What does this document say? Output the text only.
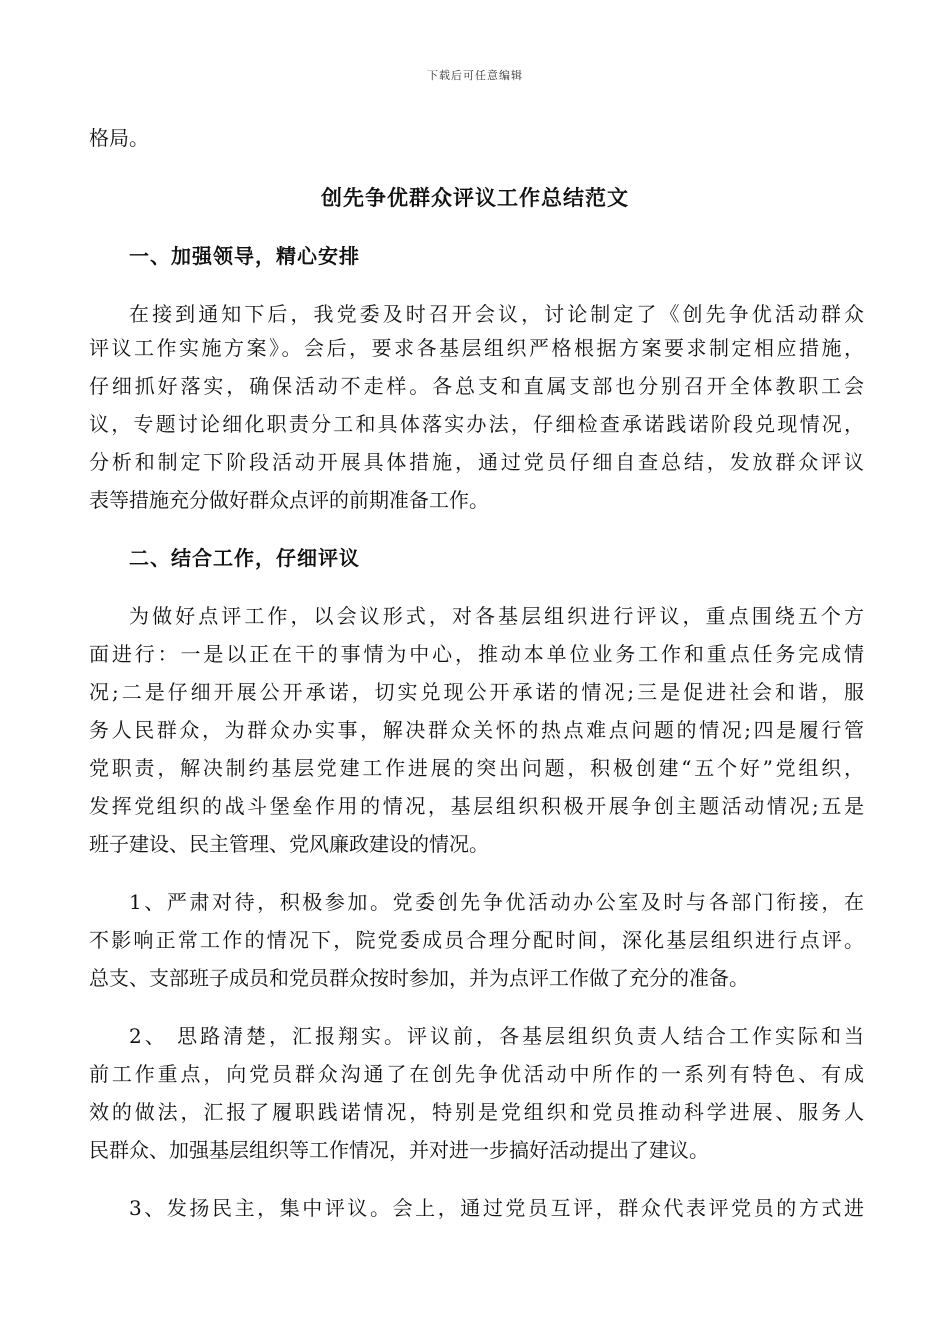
下载后可任意编辑
格局。
创先争优群众评议工作总结范文
一、加强领导，精心安排
在接到通知下后，我党委及时召开会议，讨论制定了《创先争优活动群众
评议工作实施方案》。会后，要求各基层组织严格根据方案要求制定相应措施，
仔细抓好落实，确保活动不走样。各总支和直属支部也分别召开全体教职工会
议，专题讨论细化职责分工和具体落实办法，仔细检查承诺践诺阶段兑现情况，
分析和制定下阶段活动开展具体措施，通过党员仔细自查总结，发放群众评议
表等措施充分做好群众点评的前期准备工作。
二、结合工作，仔细评议
为做好点评工作，以会议形式，对各基层组织进行评议，重点围绕五个方
面进行：一是以正在干的事情为中心，推动本单位业务工作和重点任务完成情
况;二是仔细开展公开承诺，切实兑现公开承诺的情况;三是促进社会和谐，服
务人民群众，为群众办实事，解决群众关怀的热点难点问题的情况;四是履行管
党职责，解决制约基层党建工作进展的突出问题，积极创建“五个好”党组织，
发挥党组织的战斗堡垒作用的情况，基层组织积极开展争创主题活动情况;五是
班子建设、民主管理、党风廉政建设的情况。
1、严肃对待，积极参加。党委创先争优活动办公室及时与各部门衔接，在
不影响正常工作的情况下，院党委成员合理分配时间，深化基层组织进行点评。
总支、支部班子成员和党员群众按时参加，并为点评工作做了充分的准备。
2、 思路清楚，汇报翔实。评议前，各基层组织负责人结合工作实际和当
前工作重点，向党员群众沟通了在创先争优活动中所作的一系列有特色、有成
效的做法，汇报了履职践诺情况，特别是党组织和党员推动科学进展、服务人
民群众、加强基层组织等工作情况，并对进一步搞好活动提出了建议。
3、发扬民主，集中评议。会上，通过党员互评，群众代表评党员的方式进
